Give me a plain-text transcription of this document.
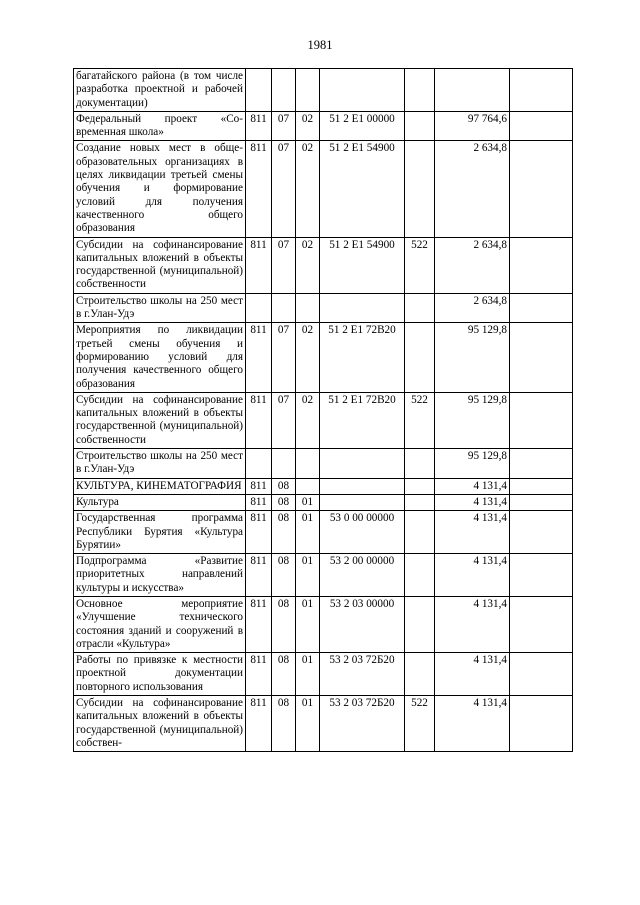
1981
багатайского района (в том числе разработка проектной и рабочей документации)							
Федеральный проект «Современная школа»	811	07	02	51 2 E1 00000		97 764,6	
Создание новых мест в общеобразовательных организациях в целях ликвидации третьей смены обучения и формирование условий для получения качественного общего образования	811	07	02	51 2 E1 54900		2 634,8	
Субсидии на софинансирование капитальных вложений в объекты государственной (муниципальной) собственности	811	07	02	51 2 E1 54900	522	2 634,8	
Строительство школы на 250 мест в г.Улан-Удэ						2 634,8	
Мероприятия по ликвидации третьей смены обучения и формированию условий для получения качественного общего образования	811	07	02	51 2 E1 72B20		95 129,8	
Субсидии на софинансирование капитальных вложений в объекты государственной (муниципальной) собственности	811	07	02	51 2 E1 72B20	522	95 129,8	
Строительство школы на 250 мест в г.Улан-Удэ						95 129,8	
КУЛЬТУРА, КИНЕМАТОГРАФИЯ	811	08				4 131,4	
Культура	811	08	01			4 131,4	
Государственная программа Республики Бурятия «Культура Бурятии»	811	08	01	53 0 00 00000		4 131,4	
Подпрограмма «Развитие приоритетных направлений культуры и искусства»	811	08	01	53 2 00 00000		4 131,4	
Основное мероприятие «Улучшение технического состояния зданий и сооружений в отрасли «Культура»	811	08	01	53 2 03 00000		4 131,4	
Работы по привязке к местности проектной документации повторного использования	811	08	01	53 2 03 72Б20		4 131,4	
Субсидии на софинансирование капитальных вложений в объекты государственной (муниципальной) собствен-	811	08	01	53 2 03 72Б20	522	4 131,4	
